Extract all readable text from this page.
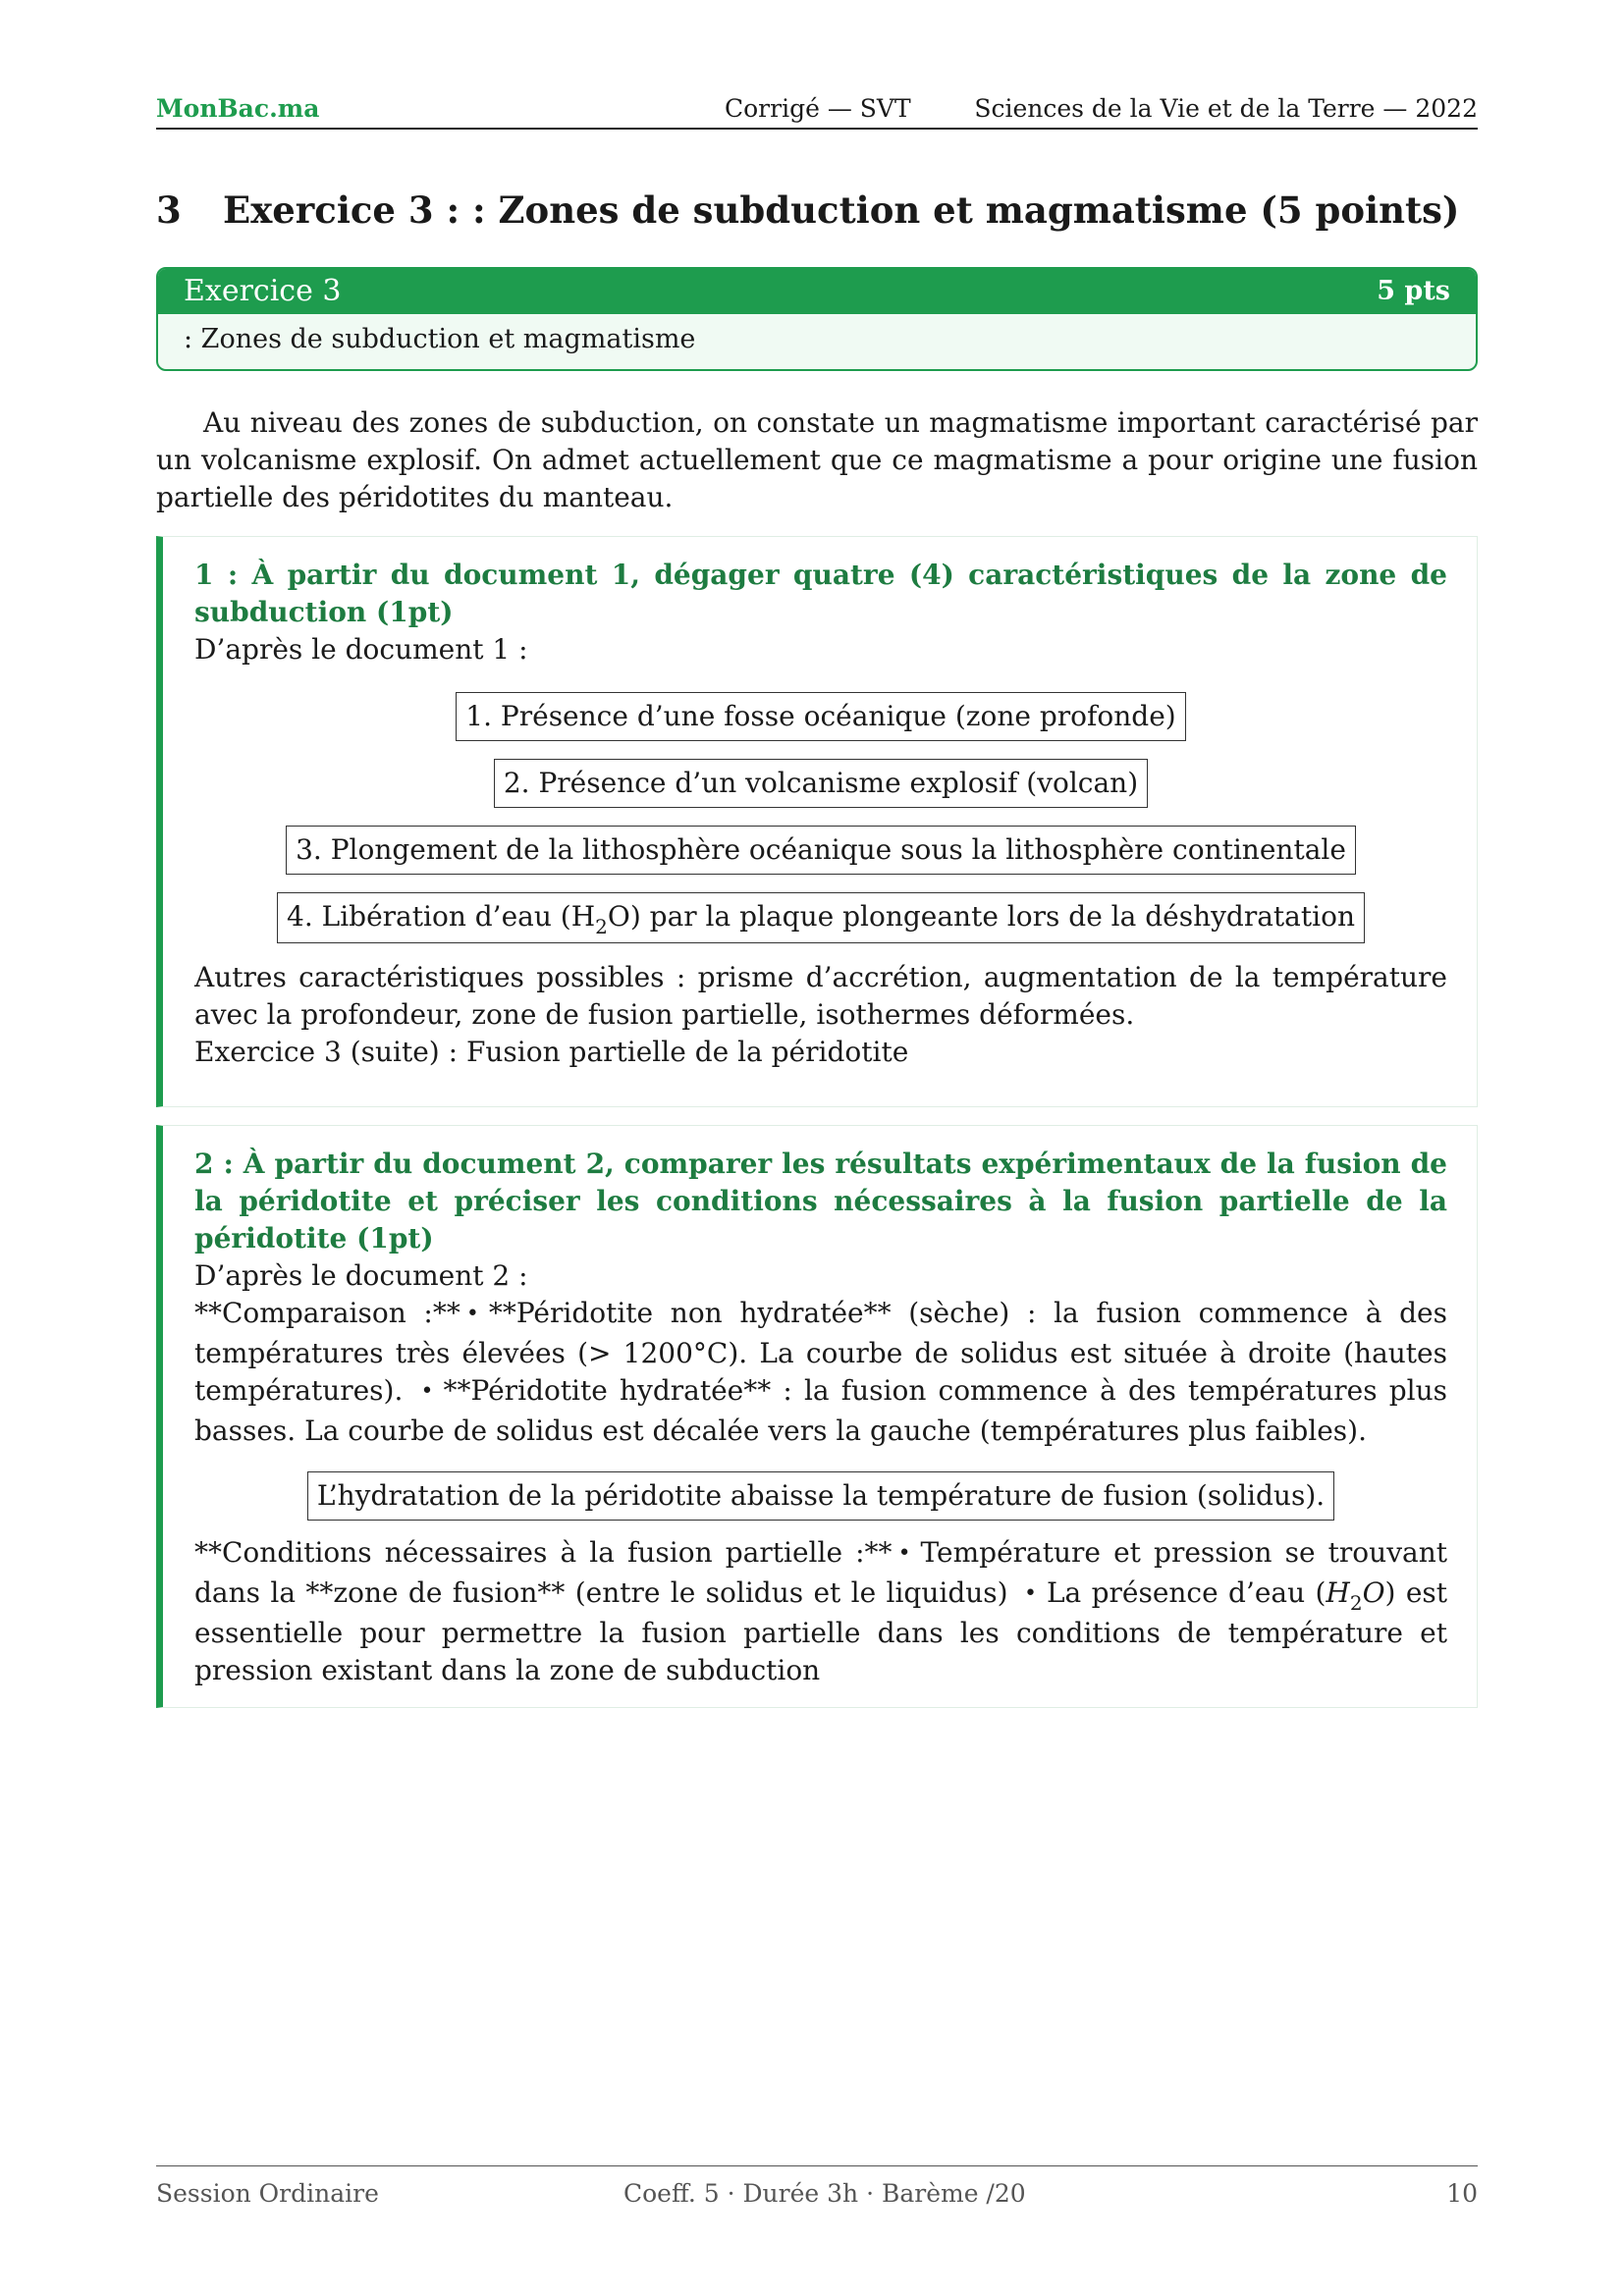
MonBac.ma	Corrigé — SVT	Sciences de la Vie et de la Terre — 2022
3 Exercice 3 : : Zones de subduction et magmatisme (5 points)
Exercice 3	5 pts
: Zones de subduction et magmatisme
Au niveau des zones de subduction, on constate un magmatisme important caractérisé par un volcanisme explosif. On admet actuellement que ce magmatisme a pour origine une fusion partielle des péridotites du manteau.
1 : À partir du document 1, dégager quatre (4) caractéristiques de la zone de subduction (1pt)
D’après le document 1 :
1. Présence d’une fosse océanique (zone profonde)
2. Présence d’un volcanisme explosif (volcan)
3. Plongement de la lithosphère océanique sous la lithosphère continentale
4. Libération d’eau $(H_2O)$ par la plaque plongeante lors de la déshydratation
Autres caractéristiques possibles : prisme d’accrétion, augmentation de la température avec la profondeur, zone de fusion partielle, isothermes déformées.
Exercice 3 (suite) : Fusion partielle de la péridotite
2 : À partir du document 2, comparer les résultats expérimentaux de la fusion de la péridotite et préciser les conditions nécessaires à la fusion partielle de la péridotite (1pt)
D’après le document 2 :
**Comparaison :** • **Péridotite non hydratée** (sèche) : la fusion commence à des températures très élevées (> 1200°C). La courbe de solidus est située à droite (hautes températures). • **Péridotite hydratée** : la fusion commence à des températures plus basses. La courbe de solidus est décalée vers la gauche (températures plus faibles).
L’hydratation de la péridotite abaisse la température de fusion (solidus).
**Conditions nécessaires à la fusion partielle :** • Température et pression se trouvant dans la **zone de fusion** (entre le solidus et le liquidus) • La présence d’eau $(H_2O)$ est essentielle pour permettre la fusion partielle dans les conditions de température et pression existant dans la zone de subduction
Session Ordinaire	Coeff. 5 · Durée 3h · Barème /20	10
